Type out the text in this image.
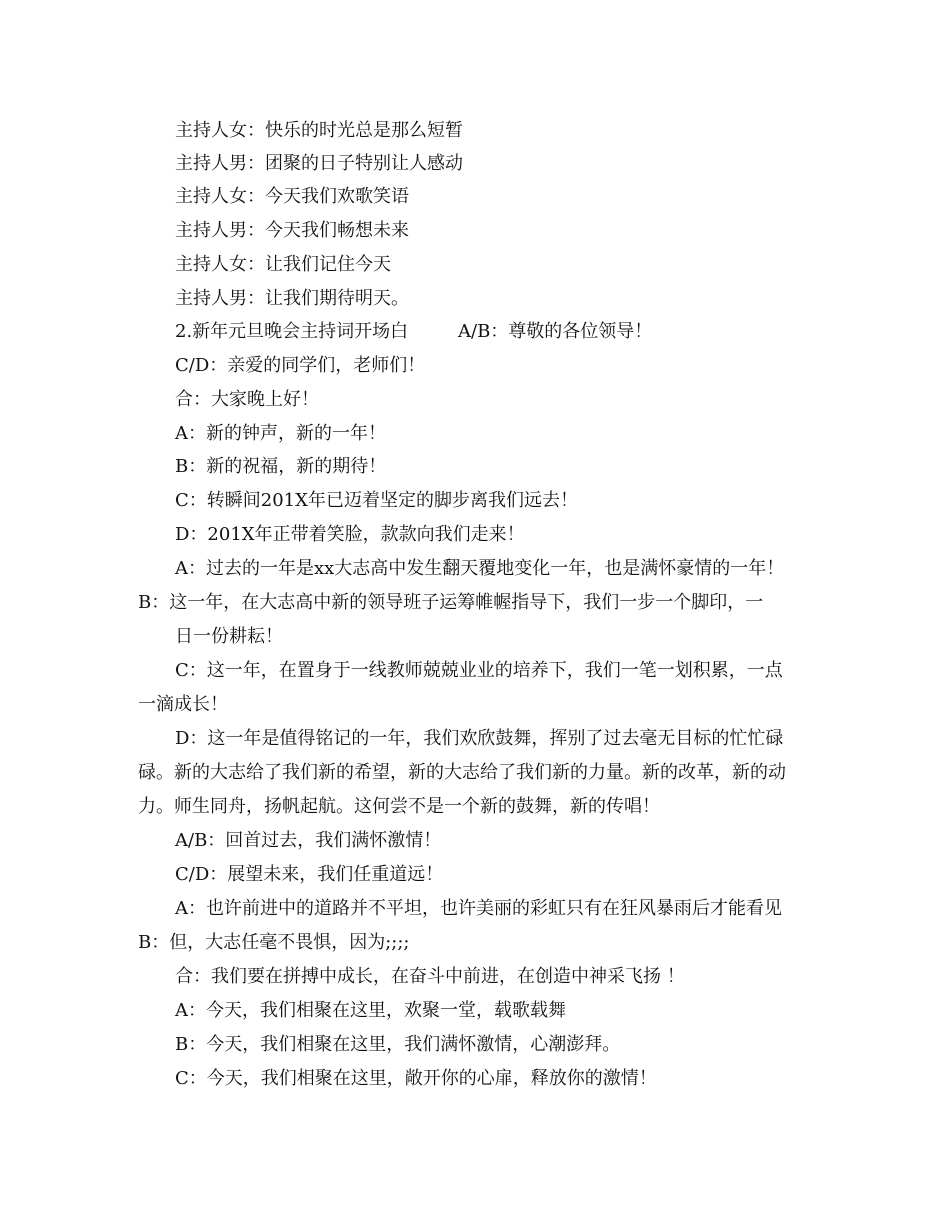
主持人女：快乐的时光总是那么短暂
主持人男：团聚的日子特别让人感动
主持人女：今天我们欢歌笑语
主持人男：今天我们畅想未来
主持人女：让我们记住今天
主持人男：让我们期待明天。
2.新年元旦晚会主持词开场白	A/B：尊敬的各位领导！
C/D：亲爱的同学们，老师们！
合：大家晚上好！
A：新的钟声，新的一年！
B：新的祝福，新的期待！
C：转瞬间201X年已迈着坚定的脚步离我们远去！
D：201X年正带着笑脸，款款向我们走来！
A：过去的一年是xx大志高中发生翻天覆地变化一年，也是满怀豪情的一年！
B：这一年，在大志高中新的领导班子运筹帷幄指导下，我们一步一个脚印，一
日一份耕耘！
C：这一年，在置身于一线教师兢兢业业的培养下，我们一笔一划积累，一点
一滴成长！
D：这一年是值得铭记的一年，我们欢欣鼓舞，挥别了过去毫无目标的忙忙碌
碌。新的大志给了我们新的希望，新的大志给了我们新的力量。新的改革，新的动
力。师生同舟，扬帆起航。这何尝不是一个新的鼓舞，新的传唱！
A/B：回首过去，我们满怀激情！
C/D：展望未来，我们任重道远！
A：也许前进中的道路并不平坦，也许美丽的彩虹只有在狂风暴雨后才能看见
B：但，大志任毫不畏惧，因为;;;;
合：我们要在拼搏中成长，在奋斗中前进，在创造中神采飞扬 ！
A：今天，我们相聚在这里，欢聚一堂，载歌载舞
B：今天，我们相聚在这里，我们满怀激情，心潮澎拜。
C：今天，我们相聚在这里，敞开你的心扉，释放你的激情！
